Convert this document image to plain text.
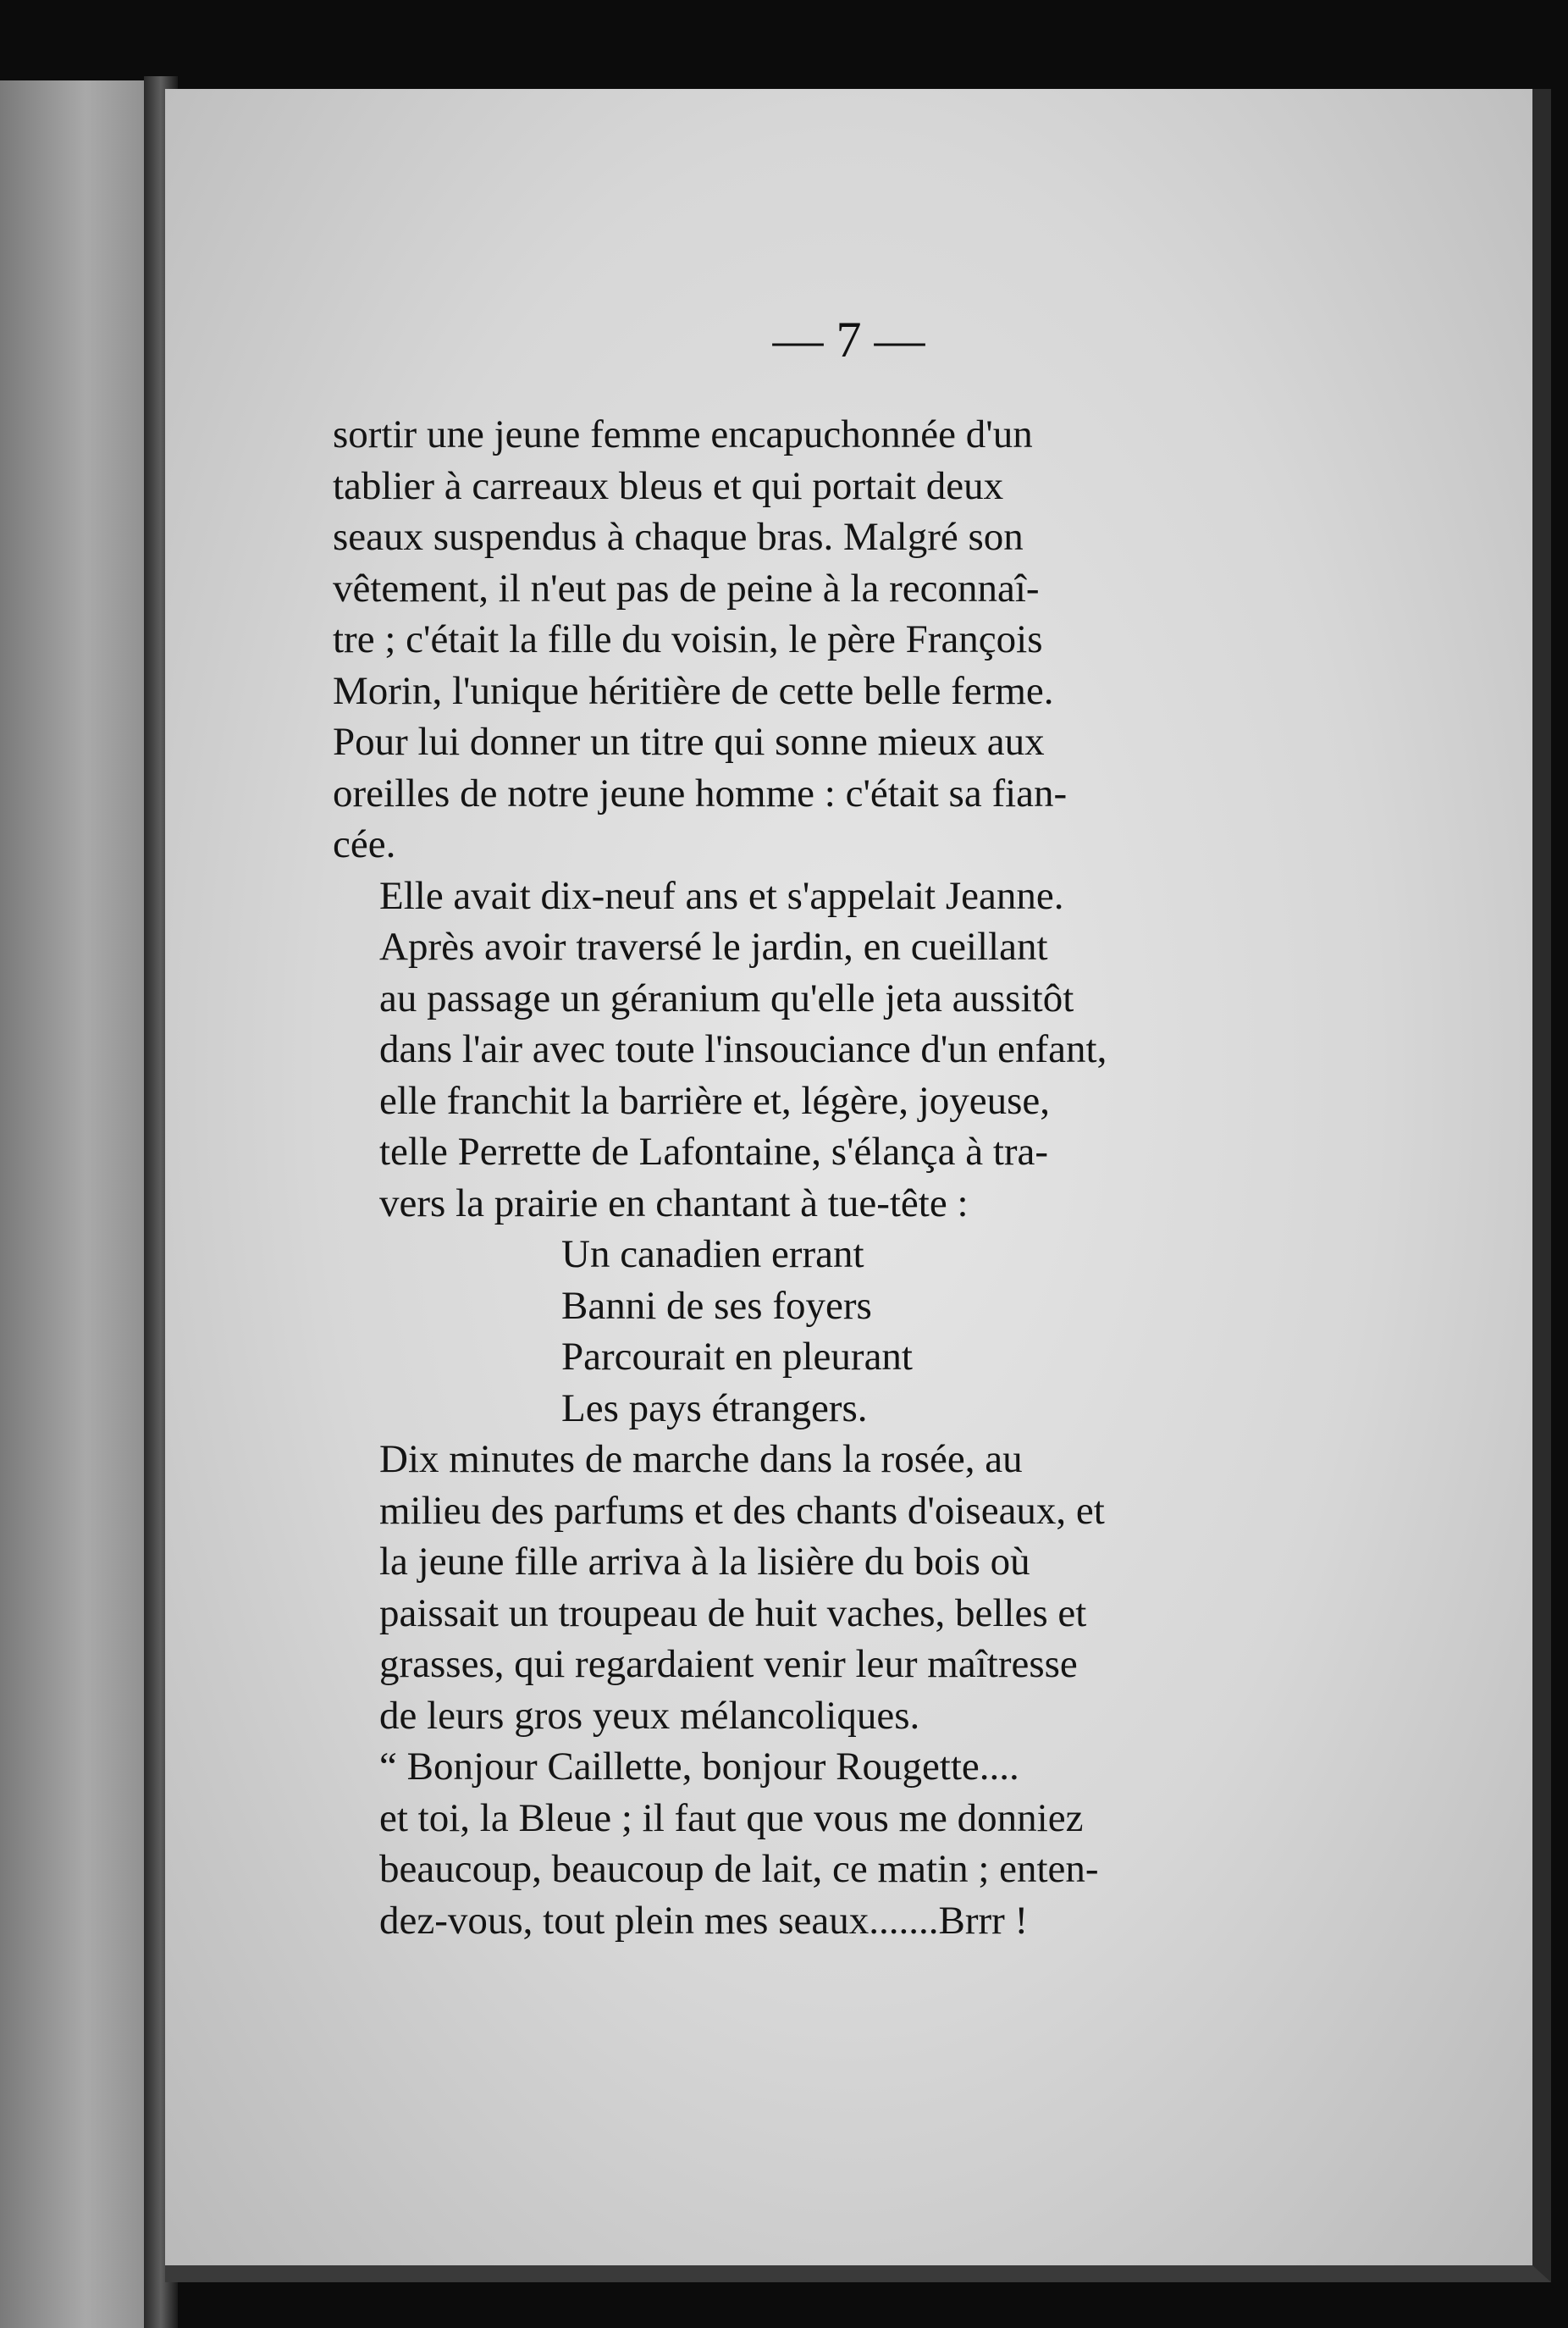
— 7 —

sortir une jeune femme encapuchonnée d'un
tablier à carreaux bleus et qui portait deux
seaux suspendus à chaque bras. Malgré son
vêtement, il n'eut pas de peine à la reconnaî-
tre ; c'était la fille du voisin, le père François
Morin, l'unique héritière de cette belle ferme.
Pour lui donner un titre qui sonne mieux aux
oreilles de notre jeune homme : c'était sa fian-
cée.

Elle avait dix-neuf ans et s'appelait Jeanne.

Après avoir traversé le jardin, en cueillant
au passage un géranium qu'elle jeta aussitôt
dans l'air avec toute l'insouciance d'un enfant,
elle franchit la barrière et, légère, joyeuse,
telle Perrette de Lafontaine, s'élança à tra-
vers la prairie en chantant à tue-tête :

Un canadien errant
Banni de ses foyers
Parcourait en pleurant
Les pays étrangers.

Dix minutes de marche dans la rosée, au
milieu des parfums et des chants d'oiseaux, et
la jeune fille arriva à la lisière du bois où
paissait un troupeau de huit vaches, belles et
grasses, qui regardaient venir leur maîtresse
de leurs gros yeux mélancoliques.

“ Bonjour Caillette, bonjour Rougette....
et toi, la Bleue ; il faut que vous me donniez
beaucoup, beaucoup de lait, ce matin ; enten-
dez-vous, tout plein mes seaux.......Brrr !
